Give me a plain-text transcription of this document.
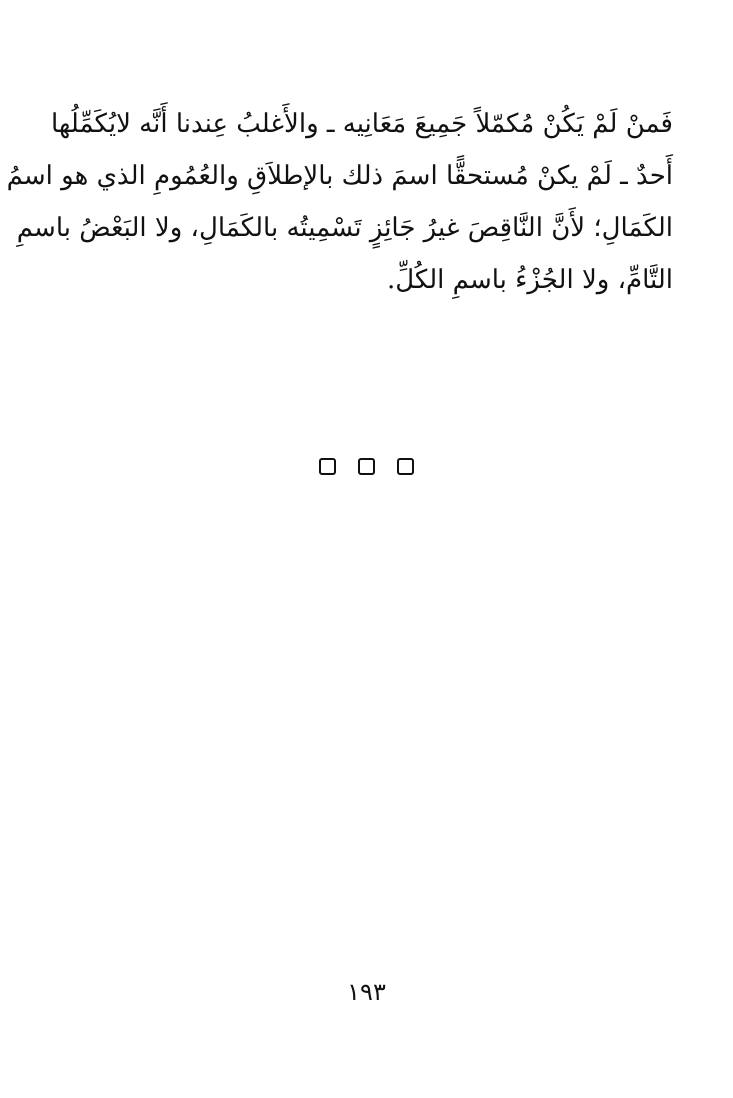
فَمنْ لَمْ يَكُنْ مُكمّلاً جَمِيعَ مَعَانِيه ـ والأَغلبُ عِندنا أَنَّه لايُكَمِّلُها
أَحدٌ ـ لَمْ يكنْ مُستحقًّا اسمَ ذلك بالإطلاَقِ والعُمُومِ الذي هو اسمُ
الكَمَالِ؛ لأَنَّ النَّاقِصَ غيرُ جَائِزٍ تَسْمِيتُه بالكَمَالِ، ولا البَعْضُ باسمِ
التَّامِّ، ولا الجُزْءُ باسمِ الكُلِّ.
١٩٣
